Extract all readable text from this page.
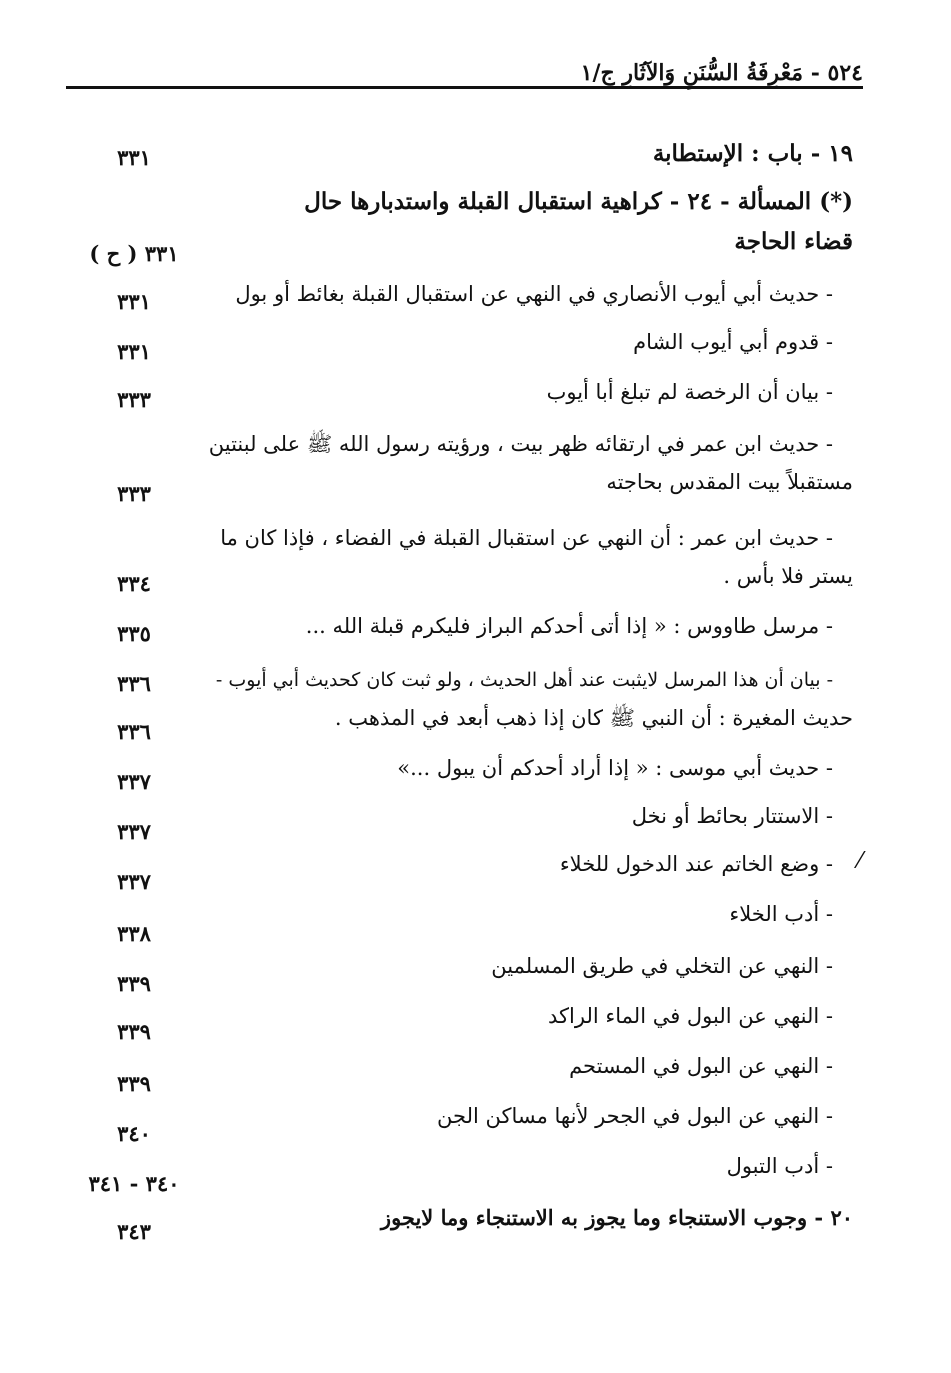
٥٢٤ - مَعْرِفَةُ السُّنَنِ وَالآثَارِ ج/١
١٩ - باب : الإستطابة
٣٣١
(*) المسألة - ٢٤ - كراهية استقبال القبلة واستدبارها حال
قضاء الحاجة
٣٣١ ( ح )
- حديث أبي أيوب الأنصاري في النهي عن استقبال القبلة بغائط أو بول
٣٣١
- قدوم أبي أيوب الشام
٣٣١
- بيان أن الرخصة لم تبلغ أبا أيوب
٣٣٣
- حديث ابن عمر في ارتقائه ظهر بيت ، ورؤيته رسول الله ﷺ على لبنتين
مستقبلاً بيت المقدس بحاجته
٣٣٣
- حديث ابن عمر : أن النهي عن استقبال القبلة في الفضاء ، فإذا كان ما
يستر فلا بأس .
٣٣٤
- مرسل طاووس : « إذا أتى أحدكم البراز فليكرم قبلة الله ...
٣٣٥
- بيان أن هذا المرسل لايثبت عند أهل الحديث ، ولو ثبت كان كحديث أبي أيوب -
٣٣٦
حديث المغيرة : أن النبي ﷺ كان إذا ذهب أبعد في المذهب .
٣٣٦
- حديث أبي موسى : « إذا أراد أحدكم أن يبول ...»
٣٣٧
- الاستتار بحائط أو نخل
٣٣٧
- وضع الخاتم عند الدخول للخلاء
٣٣٧
⁄
- أدب الخلاء
٣٣٨
- النهي عن التخلي في طريق المسلمين
٣٣٩
- النهي عن البول في الماء الراكد
٣٣٩
- النهي عن البول في المستحم
٣٣٩
- النهي عن البول في الجحر لأنها مساكن الجن
٣٤٠
- أدب التبول
٣٤٠ - ٣٤١
٢٠ - وجوب الاستنجاء وما يجوز به الاستنجاء وما لايجوز
٣٤٣
